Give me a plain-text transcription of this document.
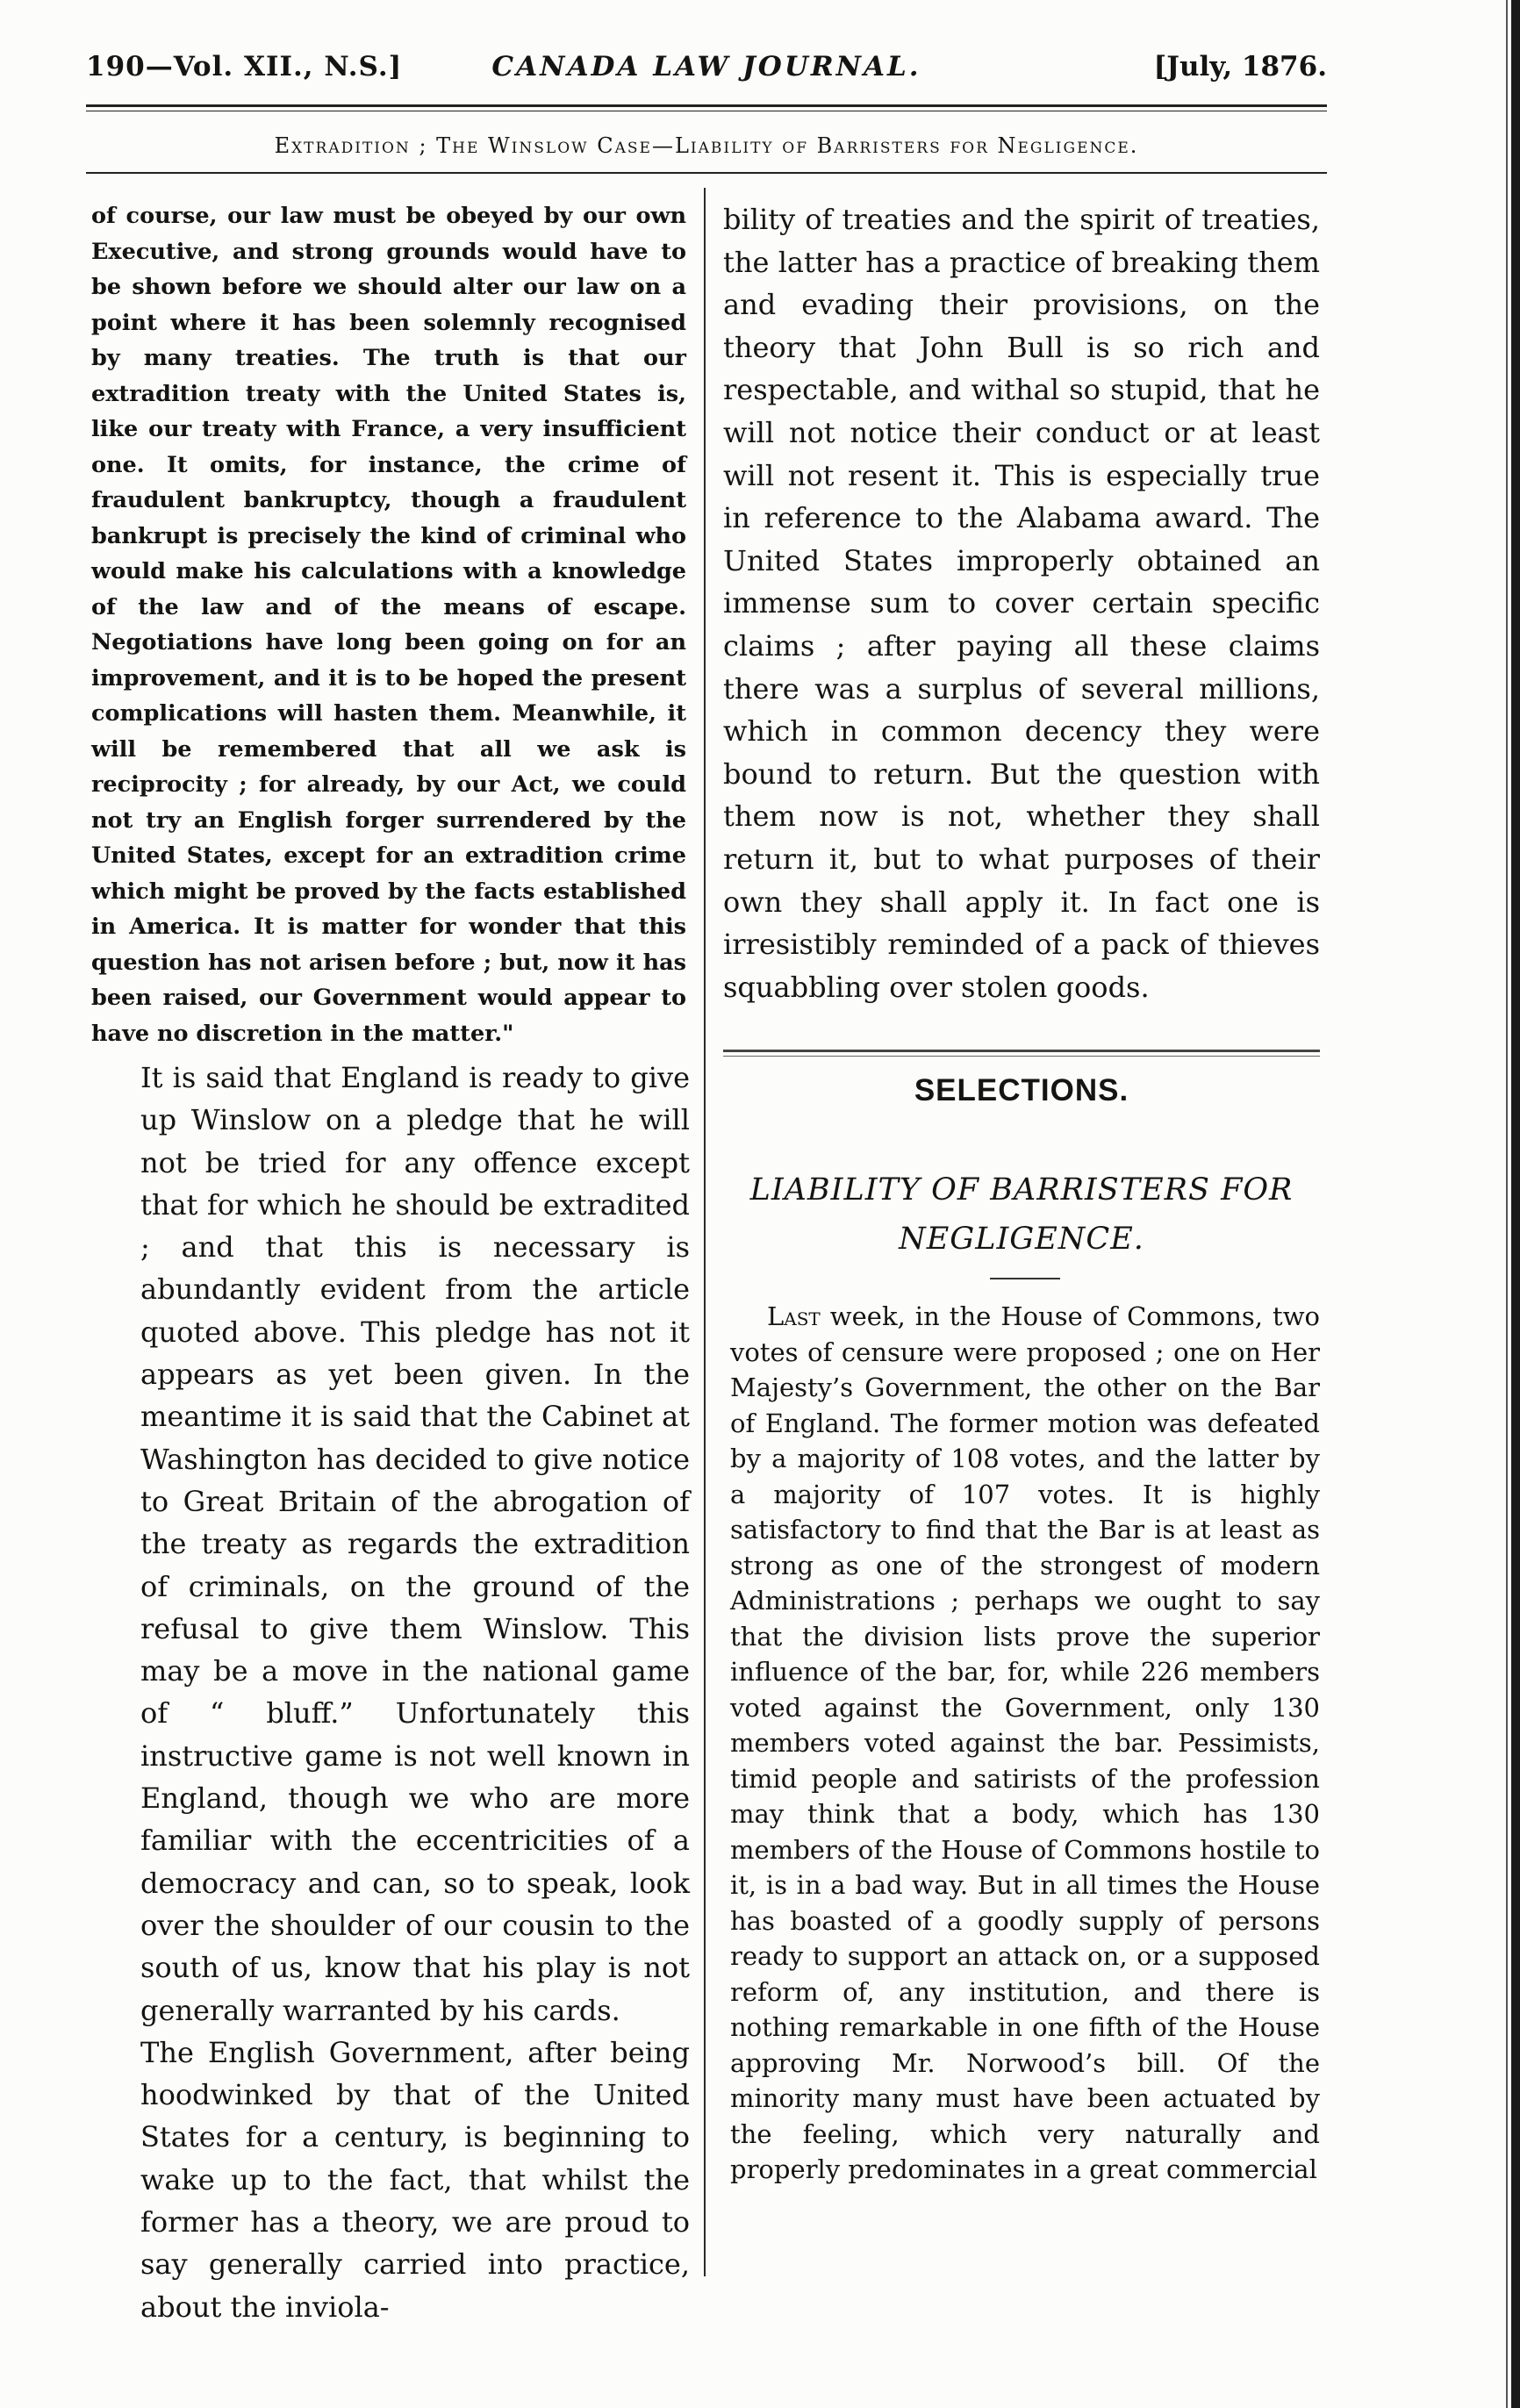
190—Vol. XII., N.S.]	CANADA LAW JOURNAL.	[July, 1876.
Extradition ; The Winslow Case—Liability of Barristers for Negligence.

of course, our law must be obeyed by our own Executive, and strong grounds would have to be shown before we should alter our law on a point where it has been solemnly recognised by many treaties. The truth is that our extradition treaty with the United States is, like our treaty with France, a very insufficient one. It omits, for instance, the crime of fraudulent bankruptcy, though a fraudulent bankrupt is precisely the kind of criminal who would make his calculations with a knowledge of the law and of the means of escape. Negotiations have long been going on for an improvement, and it is to be hoped the present complications will hasten them. Meanwhile, it will be remembered that all we ask is reciprocity ; for already, by our Act, we could not try an English forger surrendered by the United States, except for an extradition crime which might be proved by the facts established in America. It is matter for wonder that this question has not arisen before ; but, now it has been raised, our Government would appear to have no discretion in the matter."

It is said that England is ready to give up Winslow on a pledge that he will not be tried for any offence except that for which he should be extradited ; and that this is necessary is abundantly evident from the article quoted above. This pledge has not it appears as yet been given. In the meantime it is said that the Cabinet at Washington has decided to give notice to Great Britain of the abrogation of the treaty as regards the extradition of criminals, on the ground of the refusal to give them Winslow. This may be a move in the national game of “ bluff.” Unfortunately this instructive game is not well known in England, though we who are more familiar with the eccentricities of a democracy and can, so to speak, look over the shoulder of our cousin to the south of us, know that his play is not generally warranted by his cards.

The English Government, after being hoodwinked by that of the United States for a century, is beginning to wake up to the fact, that whilst the former has a theory, we are proud to say generally carried into practice, about the inviola-

bility of treaties and the spirit of treaties, the latter has a practice of breaking them and evading their provisions, on the theory that John Bull is so rich and respectable, and withal so stupid, that he will not notice their conduct or at least will not resent it. This is especially true in reference to the Alabama award. The United States improperly obtained an immense sum to cover certain specific claims ; after paying all these claims there was a surplus of several millions, which in common decency they were bound to return. But the question with them now is not, whether they shall return it, but to what purposes of their own they shall apply it. In fact one is irresistibly reminded of a pack of thieves squabbling over stolen goods.

SELECTIONS.
LIABILITY OF BARRISTERS FOR NEGLIGENCE.

Last week, in the House of Commons, two votes of censure were proposed ; one on Her Majesty’s Government, the other on the Bar of England. The former motion was defeated by a majority of 108 votes, and the latter by a majority of 107 votes. It is highly satisfactory to find that the Bar is at least as strong as one of the strongest of modern Administrations ; perhaps we ought to say that the division lists prove the superior influence of the bar, for, while 226 members voted against the Government, only 130 members voted against the bar. Pessimists, timid people and satirists of the profession may think that a body, which has 130 members of the House of Commons hostile to it, is in a bad way. But in all times the House has boasted of a goodly supply of persons ready to support an attack on, or a supposed reform of, any institution, and there is nothing remarkable in one fifth of the House approving Mr. Norwood’s bill. Of the minority many must have been actuated by the feeling, which very naturally and properly predominates in a great commercial
